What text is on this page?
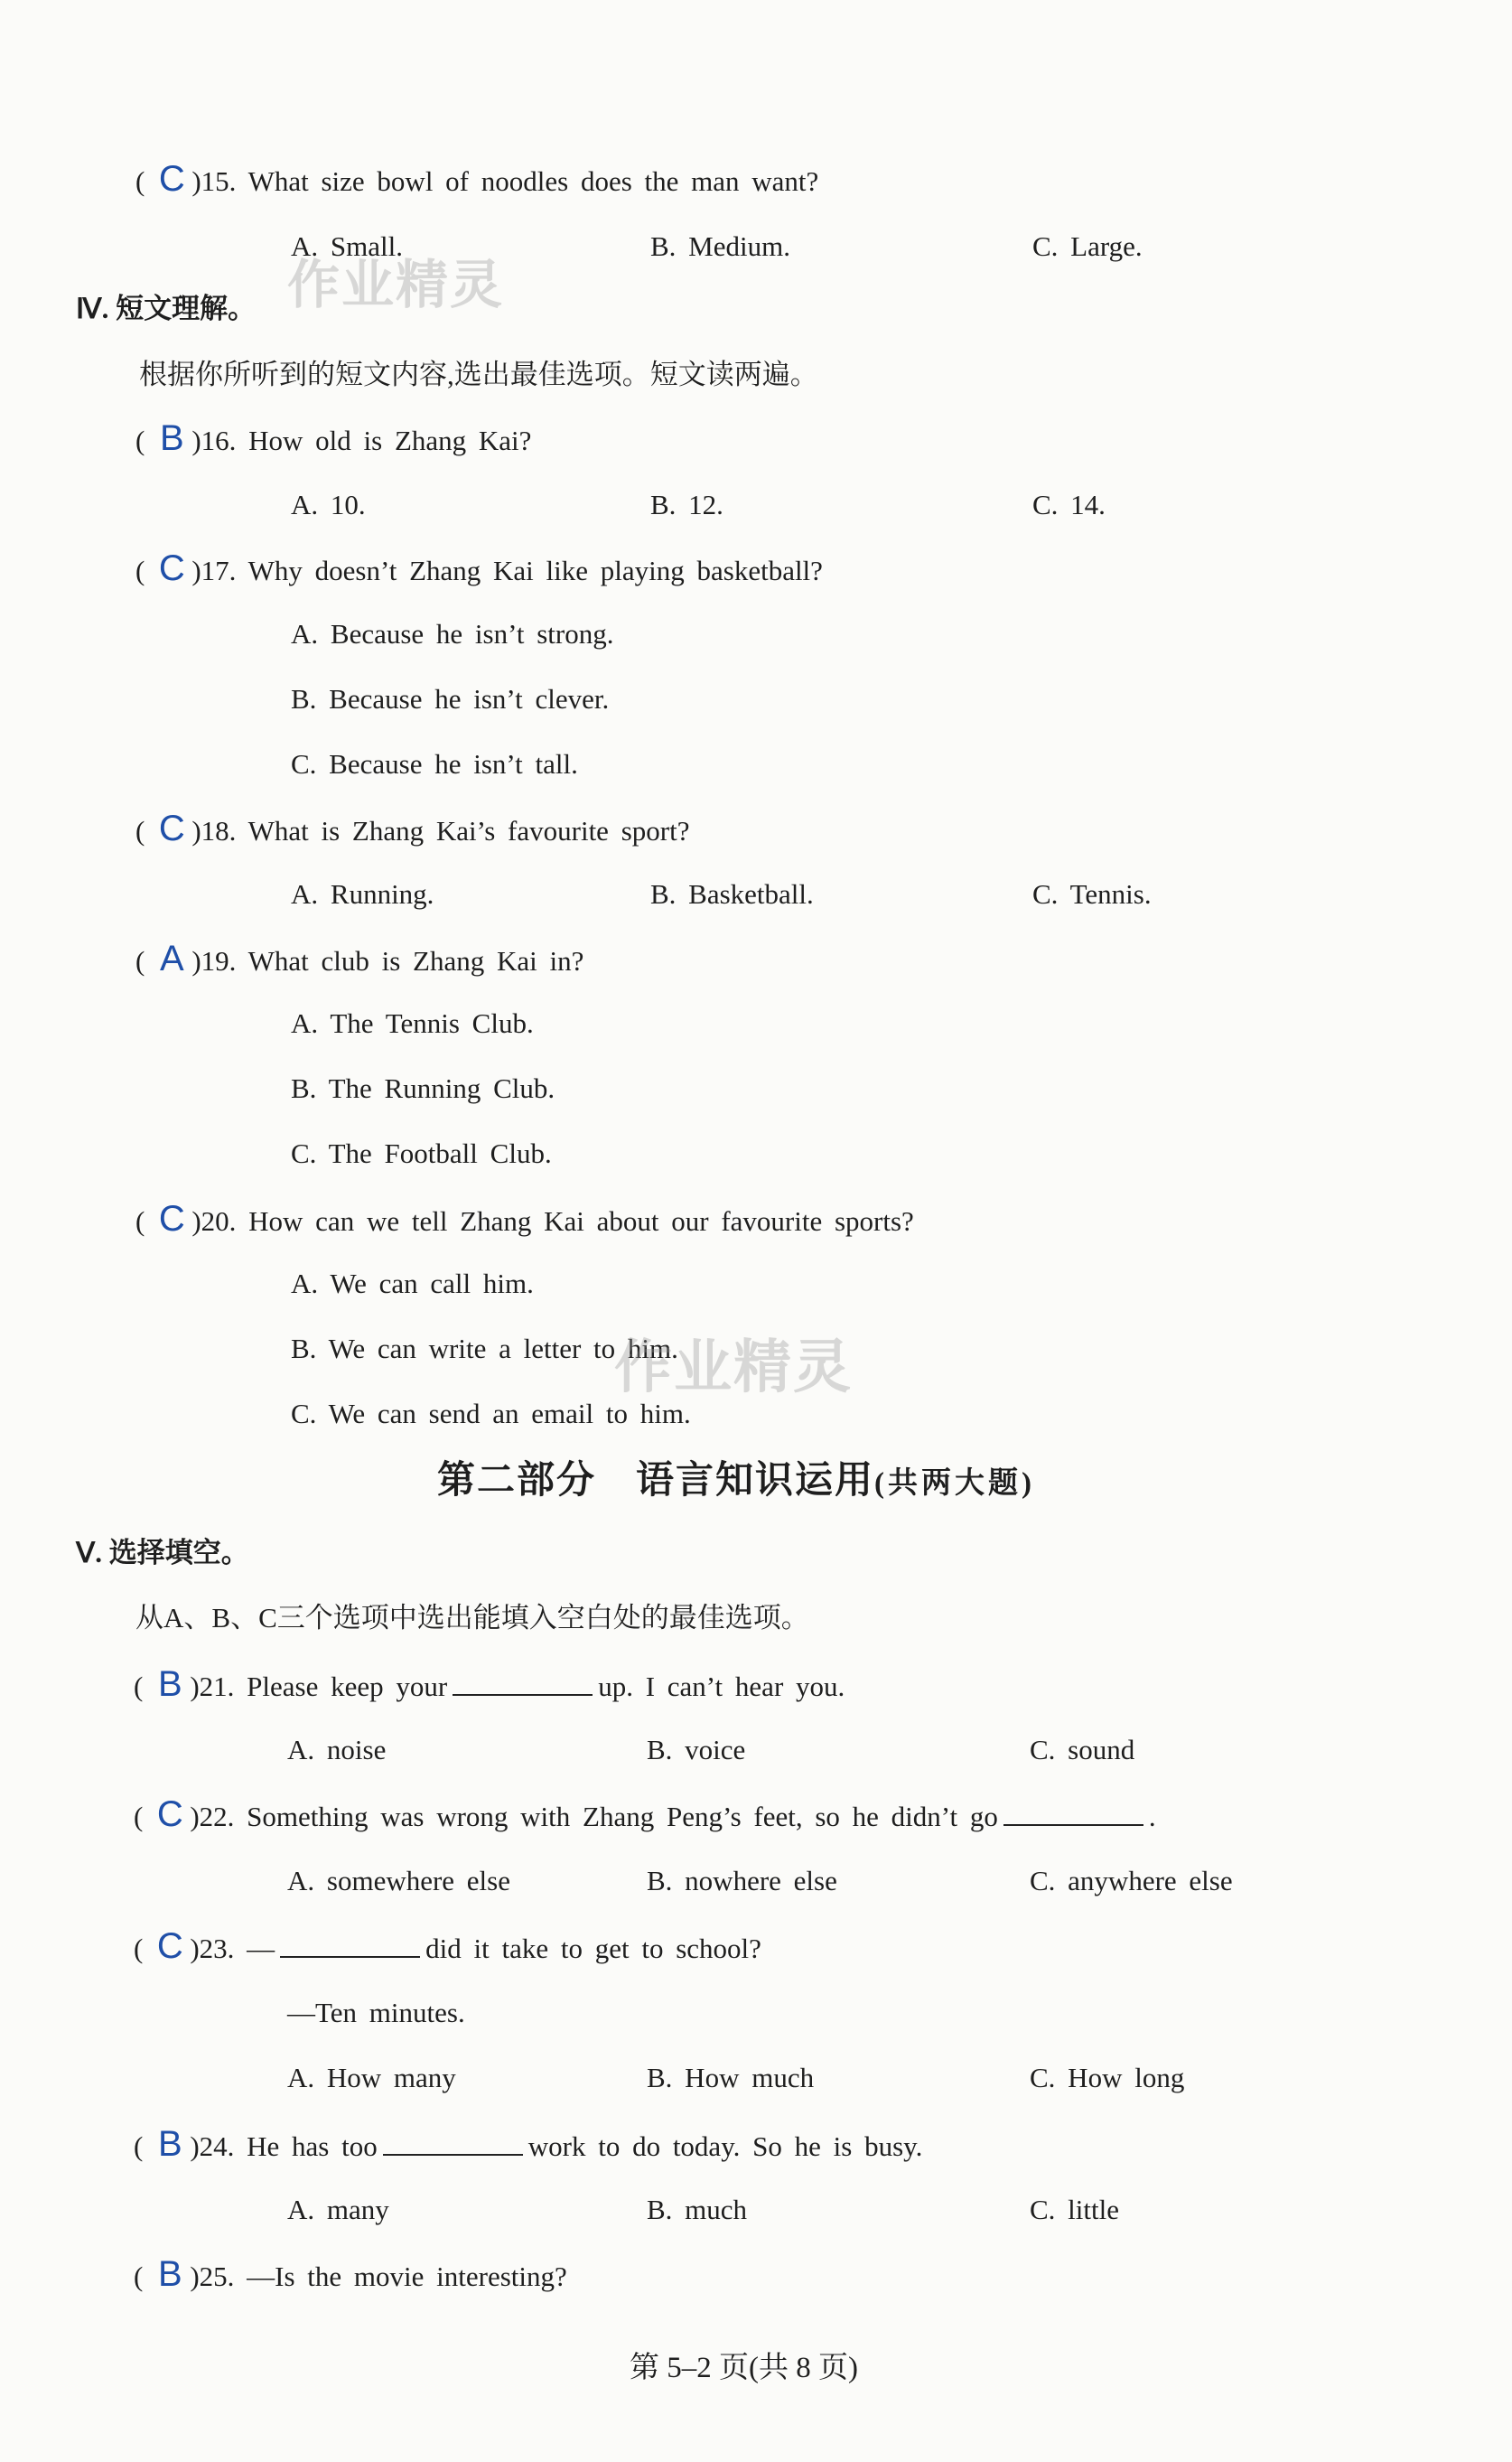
( C )15. What size bowl of noodles does the man want?
A. Small.	B. Medium.	C. Large.
Ⅳ. 短文理解。 作业精灵
根据你所听到的短文内容,选出最佳选项。短文读两遍。
( B )16. How old is Zhang Kai?
A. 10.	B. 12.	C. 14.
( C )17. Why doesn’t Zhang Kai like playing basketball?
A. Because he isn’t strong.
B. Because he isn’t clever.
C. Because he isn’t tall.
( C )18. What is Zhang Kai’s favourite sport?
A. Running.	B. Basketball.	C. Tennis.
( A )19. What club is Zhang Kai in?
A. The Tennis Club.
B. The Running Club.
C. The Football Club.
( C )20. How can we tell Zhang Kai about our favourite sports?
A. We can call him.
B. We can write a letter to him.
C. We can send an email to him.
作业精灵
第二部分　语言知识运用(共两大题)
Ⅴ. 选择填空。
从A、B、C三个选项中选出能填入空白处的最佳选项。
( B )21. Please keep your	up. I can’t hear you.
A. noise	B. voice	C. sound
( C )22. Something was wrong with Zhang Peng’s feet, so he didn’t go	.
A. somewhere else	B. nowhere else	C. anywhere else
( C )23. —	did it take to get to school?
—Ten minutes.
A. How many	B. How much	C. How long
( B )24. He has too	work to do today. So he is busy.
A. many	B. much	C. little
( B )25. —Is the movie interesting?
第 5–2 页(共 8 页)
